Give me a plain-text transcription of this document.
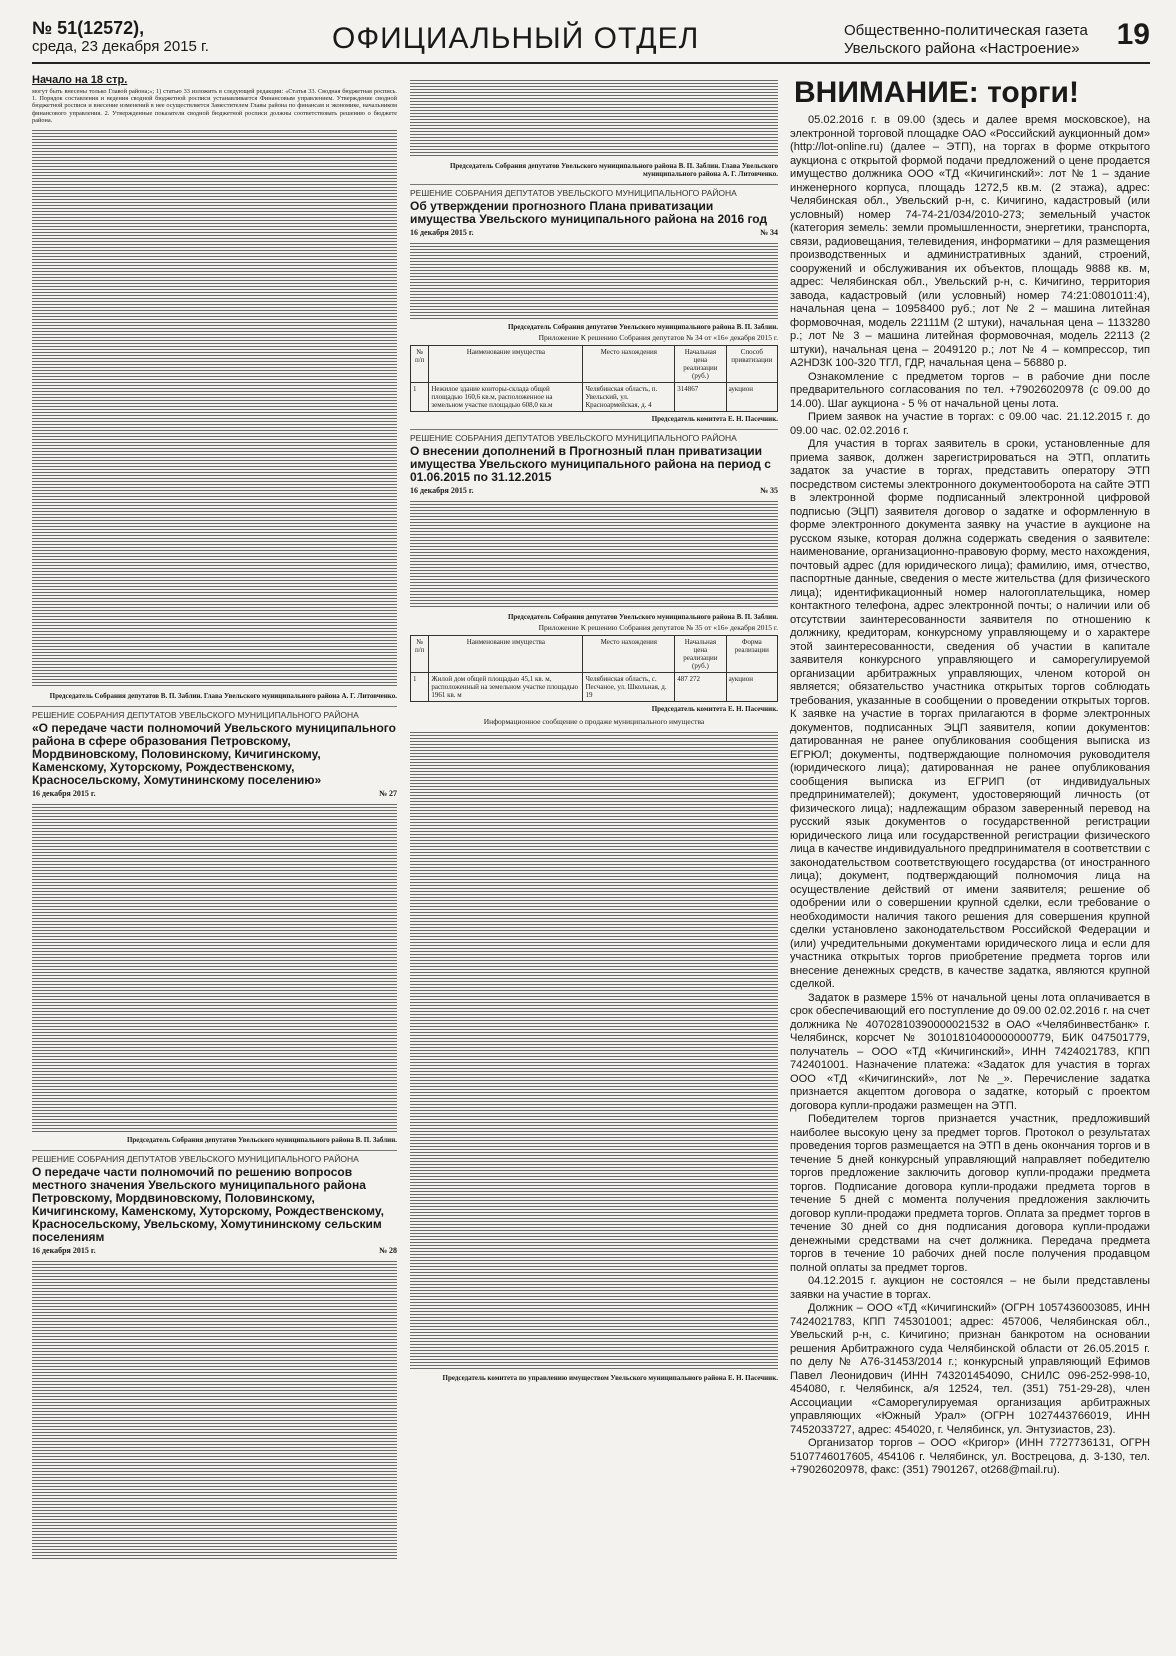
№ 51(12572),
среда, 23 декабря 2015 г.	ОФИЦИАЛЬНЫЙ ОТДЕЛ	Общественно-политическая газета
Увельского района «Настроение» 19
Начало на 18 стр.
могут быть внесены только Главой района;»; 1) статью 33 изложить в следующей редакции: «Статья 33. Сводная бюджетная роспись. 1. Порядок составления и ведения сводной бюджетной росписи устанавливается Финансовым управлением. Утверждение сводной бюджетной росписи и внесение изменений в нее осуществляется Заместителем Главы района по финансам и экономике, начальником финансового управления. 2. Утвержденные показатели сводной бюджетной росписи должны соответствовать решению о бюджете района.
Председатель Собрания депутатов В. П. Заблин. Глава Увельского муниципального района А. Г. Литовченко.
РЕШЕНИЕ СОБРАНИЯ ДЕПУТАТОВ УВЕЛЬСКОГО МУНИЦИПАЛЬНОГО РАЙОНА
«О передаче части полномочий Увельского муниципального района в сфере образования Петровскому, Мордвиновскому, Половинскому, Кичигинскому, Каменскому, Хуторскому, Рождественскому, Красносельскому, Хомутининскому поселению»
16 декабря 2015 г.	№ 27
Председатель Собрания депутатов Увельского муниципального района В. П. Заблин.
РЕШЕНИЕ СОБРАНИЯ ДЕПУТАТОВ УВЕЛЬСКОГО МУНИЦИПАЛЬНОГО РАЙОНА
О передаче части полномочий по решению вопросов местного значения Увельского муниципального района Петровскому, Мордвиновскому, Половинскому, Кичигинскому, Каменскому, Хуторскому, Рождественскому, Красносельскому, Увельскому, Хомутининскому сельским поселениям
16 декабря 2015 г.	№ 28
Председатель Собрания депутатов Увельского муниципального района В. П. Заблин. Глава Увельского муниципального района А. Г. Литовченко.
РЕШЕНИЕ СОБРАНИЯ ДЕПУТАТОВ УВЕЛЬСКОГО МУНИЦИПАЛЬНОГО РАЙОНА
Об утверждении прогнозного Плана приватизации имущества Увельского муниципального района на 2016 год
16 декабря 2015 г.	№ 34
Председатель Собрания депутатов Увельского муниципального района В. П. Заблин.
Приложение К решению Собрания депутатов № 34 от «16» декабря 2015 г.
№ п/п	Наименование имущества	Место нахождения	Начальная цена реализации (руб.)	Способ приватизации
1	Нежилое здание конторы-склада общей площадью 160,6 кв.м, расположенное на земельном участке площадью 608,0 кв.м	Челябинская область, п. Увельский, ул. Красноармейская, д. 4	314867	аукцион
Председатель комитета Е. Н. Пасечник.
РЕШЕНИЕ СОБРАНИЯ ДЕПУТАТОВ УВЕЛЬСКОГО МУНИЦИПАЛЬНОГО РАЙОНА
О внесении дополнений в Прогнозный план приватизации имущества Увельского муниципального района на период с 01.06.2015 по 31.12.2015
16 декабря 2015 г.	№ 35
Председатель Собрания депутатов Увельского муниципального района В. П. Заблин.
Приложение К решению Собрания депутатов № 35 от «16» декабря 2015 г.
№ п/п	Наименование имущества	Место нахождения	Начальная цена реализации (руб.)	Форма реализации
1	Жилой дом общей площадью 45,1 кв. м, расположенный на земельном участке площадью 1961 кв. м	Челябинская область, с. Песчаное, ул. Школьная, д. 19	487 272	аукцион
Председатель комитета Е. Н. Пасечник.
Информационное сообщение о продаже муниципального имущества
Председатель комитета по управлению имуществом Увельского муниципального района Е. Н. Пасечник.
ВНИМАНИЕ: торги!

05.02.2016 г. в 09.00 (здесь и далее время московское), на электронной торговой площадке ОАО «Российский аукционный дом» (http://lot-online.ru) (далее – ЭТП), на торгах в форме открытого аукциона с открытой формой подачи предложений о цене продается имущество должника ООО «ТД «Кичигинский»: лот № 1 – здание инженерного корпуса, площадь 1272,5 кв.м. (2 этажа), адрес: Челябинская обл., Увельский р-н, с. Кичигино, кадастровый (или условный) номер 74-74-21/034/2010-273; земельный участок (категория земель: земли промышленности, энергетики, транспорта, связи, радиовещания, телевидения, информатики – для размещения производственных и административных зданий, строений, сооружений и обслуживания их объектов, площадь 9888 кв. м, адрес: Челябинская обл., Увельский р-н, с. Кичигино, территория завода, кадастровый (или условный) номер 74:21:0801011:4), начальная цена – 10958400 руб.; лот № 2 – машина литейная формовочная, модель 22111М (2 штуки), начальная цена – 1133280 р.; лот № 3 – машина литейная формовочная, модель 22113 (2 штуки), начальная цена – 2049120 р.; лот № 4 – компрессор, тип А2НD3К 100-320 ТГЛ, ГДР, начальная цена – 56880 р.

Ознакомление с предметом торгов – в рабочие дни после предварительного согласования по тел. +79026020978 (с 09.00 до 14.00). Шаг аукциона - 5 % от начальной цены лота.

Прием заявок на участие в торгах: с 09.00 час. 21.12.2015 г. до 09.00 час. 02.02.2016 г.

Для участия в торгах заявитель в сроки, установленные для приема заявок, должен зарегистрироваться на ЭТП, оплатить задаток за участие в торгах, представить оператору ЭТП посредством системы электронного документооборота на сайте ЭТП в электронной форме подписанный электронной цифровой подписью (ЭЦП) заявителя договор о задатке и оформленную в форме электронного документа заявку на участие в аукционе на русском языке, которая должна содержать сведения о заявителе: наименование, организационно-правовую форму, место нахождения, почтовый адрес (для юридического лица); фамилию, имя, отчество, паспортные данные, сведения о месте жительства (для физического лица); идентификационный номер налогоплательщика, номер контактного телефона, адрес электронной почты; о наличии или об отсутствии заинтересованности заявителя по отношению к должнику, кредиторам, конкурсному управляющему и о характере этой заинтересованности, сведения об участии в капитале заявителя конкурсного управляющего и саморегулируемой организации арбитражных управляющих, членом которой он является; обязательство участника открытых торгов соблюдать требования, указанные в сообщении о проведении открытых торгов. К заявке на участие в торгах прилагаются в форме электронных документов, подписанных ЭЦП заявителя, копии документов: датированная не ранее опубликования сообщения выписка из ЕГРЮЛ; документы, подтверждающие полномочия руководителя (юридического лица); датированная не ранее опубликования сообщения выписка из ЕГРИП (от индивидуальных предпринимателей); документ, удостоверяющий личность (от физического лица); надлежащим образом заверенный перевод на русский язык документов о государственной регистрации юридического лица или государственной регистрации физического лица в качестве индивидуального предпринимателя в соответствии с законодательством соответствующего государства (от иностранного лица); документ, подтверждающий полномочия лица на осуществление действий от имени заявителя; решение об одобрении или о совершении крупной сделки, если требование о необходимости наличия такого решения для совершения крупной сделки установлено законодательством Российской Федерации и (или) учредительными документами юридического лица и если для участника открытых торгов приобретение предмета торгов или внесение денежных средств, в качестве задатка, являются крупной сделкой.

Задаток в размере 15% от начальной цены лота оплачивается в срок обеспечивающий его поступление до 09.00 02.02.2016 г. на счет должника № 40702810390000021532 в ОАО «Челябинвестбанк» г. Челябинск, корсчет № 30101810400000000779, БИК 047501779, получатель – ООО «ТД «Кичигинский», ИНН 7424021783, КПП 742401001. Назначение платежа: «Задаток для участия в торгах ООО «ТД «Кичигинский», лот №_». Перечисление задатка признается акцептом договора о задатке, который с проектом договора купли-продажи размещен на ЭТП.

Победителем торгов признается участник, предложивший наиболее высокую цену за предмет торгов. Протокол о результатах проведения торгов размещается на ЭТП в день окончания торгов и в течение 5 дней конкурсный управляющий направляет победителю торгов предложение заключить договор купли-продажи предмета торгов. Подписание договора купли-продажи предмета торгов в течение 5 дней с момента получения предложения заключить договор купли-продажи предмета торгов. Оплата за предмет торгов в течение 30 дней со дня подписания договора купли-продажи денежными средствами на счет должника. Передача предмета торгов в течение 10 рабочих дней после получения продавцом полной оплаты за предмет торгов.

04.12.2015 г. аукцион не состоялся – не были представлены заявки на участие в торгах.

Должник – ООО «ТД «Кичигинский» (ОГРН 1057436003085, ИНН 7424021783, КПП 745301001; адрес: 457006, Челябинская обл., Увельский р-н, с. Кичигино; признан банкротом на основании решения Арбитражного суда Челябинской области от 26.05.2015 г. по делу № А76-31453/2014 г.; конкурсный управляющий Ефимов Павел Леонидович (ИНН 743201454090, СНИЛС 096-252-998-10, 454080, г. Челябинск, а/я 12524, тел. (351) 751-29-28), член Ассоциации «Саморегулируемая организация арбитражных управляющих «Южный Урал» (ОГРН 1027443766019, ИНН 7452033727, адрес: 454020, г. Челябинск, ул. Энтузиастов, 23).

Организатор торгов – ООО «Кригор» (ИНН 7727736131, ОГРН 5107746017605, 454106 г. Челябинск, ул. Вострецова, д. 3-130, тел. +79026020978, факс: (351) 7901267, ot268@mail.ru).
